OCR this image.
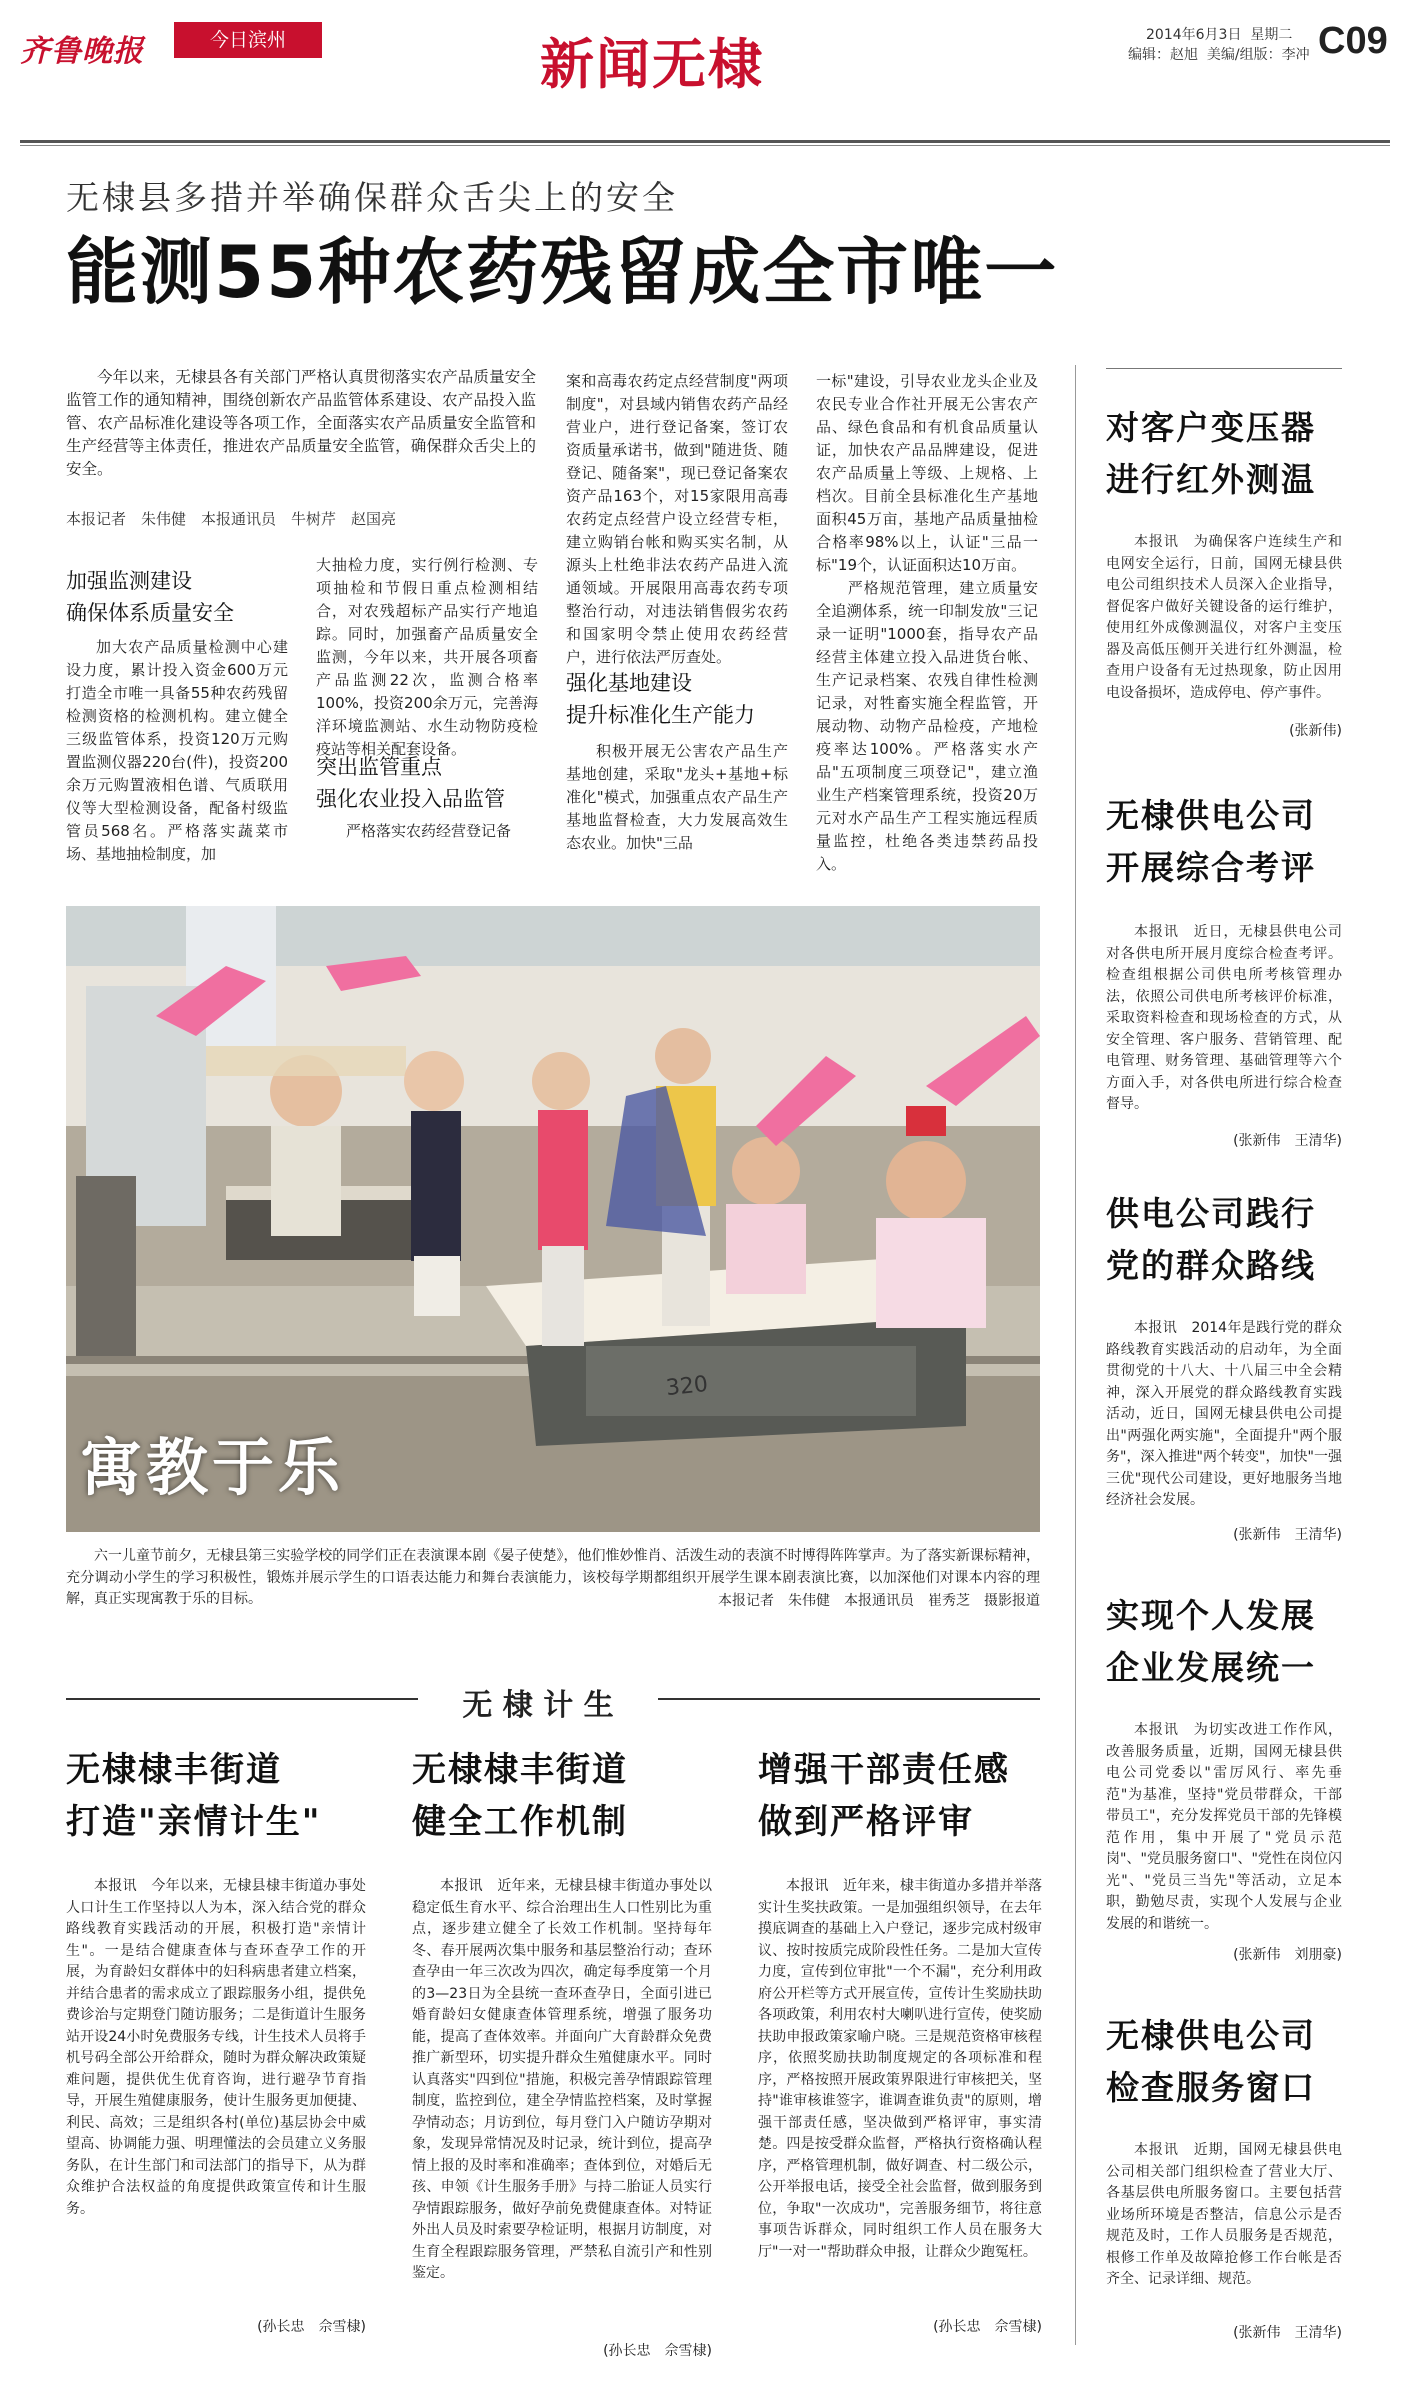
齐鲁晚报	今日滨州	新闻无棣	2014年6月3日 星期二
编辑：赵旭 美编/组版：李冲 C09
无棣县多措并举确保群众舌尖上的安全
能测55种农药残留成全市唯一
今年以来，无棣县各有关部门严格认真贯彻落实农产品质量安全监管工作的通知精神，围绕创新农产品监管体系建设、农产品投入监管、农产品标准化建设等各项工作，全面落实农产品质量安全监管和生产经营等主体责任，推进农产品质量安全监管，确保群众舌尖上的安全。
本报记者　朱伟健　本报通讯员　牛树芹　赵国亮
加强监测建设
确保体系质量安全
加大农产品质量检测中心建设力度，累计投入资金600万元打造全市唯一具备55种农药残留检测资格的检测机构。建立健全三级监管体系，投资120万元购置监测仪器220台(件)，投资200余万元购置液相色谱、气质联用仪等大型检测设备，配备村级监管员568名。严格落实蔬菜市场、基地抽检制度，加
大抽检力度，实行例行检测、专项抽检和节假日重点检测相结合，对农残超标产品实行产地追踪。同时，加强畜产品质量安全监测，今年以来，共开展各项畜产品监测22次，监测合格率100%，投资200余万元，完善海洋环境监测站、水生动物防疫检疫站等相关配套设备。
突出监管重点
强化农业投入品监管
严格落实农药经营登记备
案和高毒农药定点经营制度"两项制度"，对县域内销售农药产品经营业户，进行登记备案，签订农资质量承诺书，做到"随进货、随登记、随备案"，现已登记备案农资产品163个，对15家限用高毒农药定点经营户设立经营专柜，建立购销台帐和购买实名制，从源头上杜绝非法农药产品进入流通领域。开展限用高毒农药专项整治行动，对违法销售假劣农药和国家明令禁止使用农药经营户，进行依法严厉查处。
强化基地建设
提升标准化生产能力
积极开展无公害农产品生产基地创建，采取"龙头+基地+标准化"模式，加强重点农产品生产基地监督检查，大力发展高效生态农业。加快"三品
一标"建设，引导农业龙头企业及农民专业合作社开展无公害农产品、绿色食品和有机食品质量认证，加快农产品品牌建设，促进农产品质量上等级、上规格、上档次。目前全县标准化生产基地面积45万亩，基地产品质量抽检合格率98%以上，认证"三品一标"19个，认证面积达10万亩。
　　严格规范管理，建立质量安全追溯体系，统一印制发放"三记录一证明"1000套，指导农产品经营主体建立投入品进货台帐、生产记录档案、农残自律性检测记录，对牲畜实施全程监管，开展动物、动物产品检疫，产地检疫率达100%。严格落实水产品"五项制度三项登记"，建立渔业生产档案管理系统，投资20万元对水产品生产工程实施远程质量监控，杜绝各类违禁药品投入。
320
寓教于乐
六一儿童节前夕，无棣县第三实验学校的同学们正在表演课本剧《晏子使楚》，他们惟妙惟肖、活泼生动的表演不时博得阵阵掌声。为了落实新课标精神，充分调动小学生的学习积极性，锻炼并展示学生的口语表达能力和舞台表演能力，该校每学期都组织开展学生课本剧表演比赛，以加深他们对课本内容的理解，真正实现寓教于乐的目标。	本报记者　朱伟健　本报通讯员　崔秀芝　摄影报道
无 棣 计 生
无棣棣丰街道
打造"亲情计生"
本报讯　今年以来，无棣县棣丰街道办事处人口计生工作坚持以人为本，深入结合党的群众路线教育实践活动的开展，积极打造"亲情计生"。一是结合健康查体与查环查孕工作的开展，为育龄妇女群体中的妇科病患者建立档案，并结合患者的需求成立了跟踪服务小组，提供免费诊治与定期登门随访服务；二是街道计生服务站开设24小时免费服务专线，计生技术人员将手机号码全部公开给群众，随时为群众解决政策疑难问题，提供优生优育咨询，进行避孕节育指导，开展生殖健康服务，使计生服务更加便捷、利民、高效；三是组织各村(单位)基层协会中威望高、协调能力强、明理懂法的会员建立义务服务队，在计生部门和司法部门的指导下，从为群众维护合法权益的角度提供政策宣传和计生服务。
(孙长忠　佘雪棣)
无棣棣丰街道
健全工作机制
本报讯　近年来，无棣县棣丰街道办事处以稳定低生育水平、综合治理出生人口性别比为重点，逐步建立健全了长效工作机制。坚持每年冬、春开展两次集中服务和基层整治行动；查环查孕由一年三次改为四次，确定每季度第一个月的3—23日为全县统一查环查孕日，全面引进已婚育龄妇女健康查体管理系统，增强了服务功能，提高了查体效率。并面向广大育龄群众免费推广新型环，切实提升群众生殖健康水平。同时认真落实"四到位"措施，积极完善孕情跟踪管理制度，监控到位，建全孕情监控档案，及时掌握孕情动态；月访到位，每月登门入户随访孕期对象，发现异常情况及时记录，统计到位，提高孕情上报的及时率和准确率；查体到位，对婚后无孩、申领《计生服务手册》与持二胎证人员实行孕情跟踪服务，做好孕前免费健康查体。对特证外出人员及时索要孕检证明，根据月访制度，对生育全程跟踪服务管理，严禁私自流引产和性别鉴定。
(孙长忠　佘雪棣)
增强干部责任感
做到严格评审
本报讯　近年来，棣丰街道办多措并举落实计生奖扶政策。一是加强组织领导，在去年摸底调查的基础上入户登记，逐步完成村级审议、按时按质完成阶段性任务。二是加大宣传力度，宣传到位审批"一个不漏"，充分利用政府公开栏等方式开展宣传，宣传计生奖励扶助各项政策，利用农村大喇叭进行宣传，使奖励扶助申报政策家喻户晓。三是规范资格审核程序，依照奖励扶助制度规定的各项标准和程序，严格按照开展政策界限进行审核把关，坚持"谁审核谁签字，谁调查谁负责"的原则，增强干部责任感，坚决做到严格评审，事实清楚。四是按受群众监督，严格执行资格确认程序，严格管理机制，做好调查、村二级公示，公开举报电话，接受全社会监督，做到服务到位，争取"一次成功"，完善服务细节，将往意事项告诉群众，同时组织工作人员在服务大厅"一对一"帮助群众申报，让群众少跑冤枉。
(孙长忠　佘雪棣)
对客户变压器
进行红外测温
本报讯　为确保客户连续生产和电网安全运行，日前，国网无棣县供电公司组织技术人员深入企业指导，督促客户做好关键设备的运行维护，使用红外成像测温仪，对客户主变压器及高低压侧开关进行红外测温，检查用户设备有无过热现象，防止因用电设备损坏，造成停电、停产事件。
(张新伟)
无棣供电公司
开展综合考评
本报讯　近日，无棣县供电公司对各供电所开展月度综合检查考评。检查组根据公司供电所考核管理办法，依照公司供电所考核评价标准，采取资料检查和现场检查的方式，从安全管理、客户服务、营销管理、配电管理、财务管理、基础管理等六个方面入手，对各供电所进行综合检查督导。
(张新伟　王清华)
供电公司践行
党的群众路线
本报讯　2014年是践行党的群众路线教育实践活动的启动年，为全面贯彻党的十八大、十八届三中全会精神，深入开展党的群众路线教育实践活动，近日，国网无棣县供电公司提出"两强化两实施"，全面提升"两个服务"，深入推进"两个转变"，加快"一强三优"现代公司建设，更好地服务当地经济社会发展。
(张新伟　王清华)
实现个人发展
企业发展统一
本报讯　为切实改进工作作风，改善服务质量，近期，国网无棣县供电公司党委以"雷厉风行、率先垂范"为基准，坚持"党员带群众，干部带员工"，充分发挥党员干部的先锋模范作用，集中开展了"党员示范岗"、"党员服务窗口"、"党性在岗位闪光"、"党员三当先"等活动，立足本职，勤勉尽责，实现个人发展与企业发展的和谐统一。
(张新伟　刘朋豪)
无棣供电公司
检查服务窗口
本报讯　近期，国网无棣县供电公司相关部门组织检查了营业大厅、各基层供电所服务窗口。主要包括营业场所环境是否整洁，信息公示是否规范及时，工作人员服务是否规范，根修工作单及故障抢修工作台帐是否齐全、记录详细、规范。
(张新伟　王清华)
